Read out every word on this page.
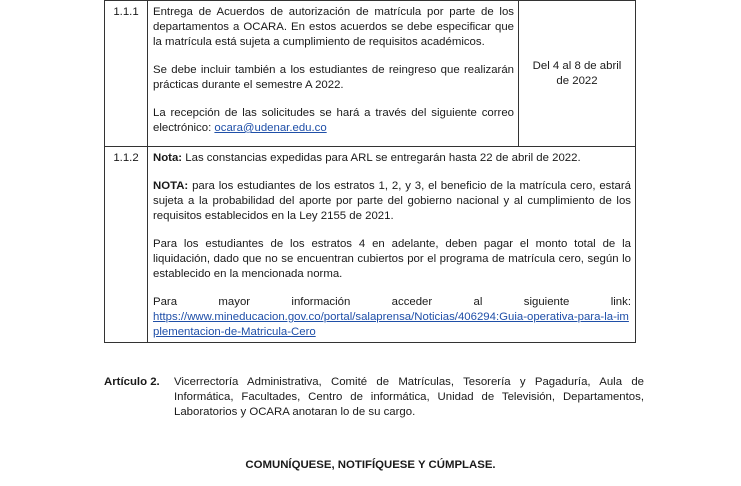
1.1.1	Entrega de Acuerdos de autorización de matrícula por parte de los departamentos a OCARA. En estos acuerdos se debe especificar que la matrícula está sujeta a cumplimiento de requisitos académicos.

Se debe incluir también a los estudiantes de reingreso que realizarán prácticas durante el semestre A 2022.

La recepción de las solicitudes se hará a través del siguiente correo electrónico: ocara@udenar.edu.co	Del 4 al 8 de abril de 2022
1.1.2	Nota: Las constancias expedidas para ARL se entregarán hasta 22 de abril de 2022.

NOTA: para los estudiantes de los estratos 1, 2, y 3, el beneficio de la matrícula cero, estará sujeta a la probabilidad del aporte por parte del gobierno nacional y al cumplimiento de los requisitos establecidos en la Ley 2155 de 2021.

Para los estudiantes de los estratos 4 en adelante, deben pagar el monto total de la liquidación, dado que no se encuentran cubiertos por el programa de matrícula cero, según lo establecido en la mencionada norma.

Para mayor información acceder al siguiente link:

https://www.mineducacion.gov.co/portal/salaprensa/Noticias/406294:Guia-operativa-para-la-implementacion-de-Matricula-Cero	

Artículo 2.	Vicerrectoría Administrativa, Comité de Matrículas, Tesorería y Pagaduría, Aula de Informática, Facultades, Centro de informática, Unidad de Televisión, Departamentos, Laboratorios y OCARA anotaran lo de su cargo.
COMUNÍQUESE, NOTIFÍQUESE Y CÚMPLASE.
